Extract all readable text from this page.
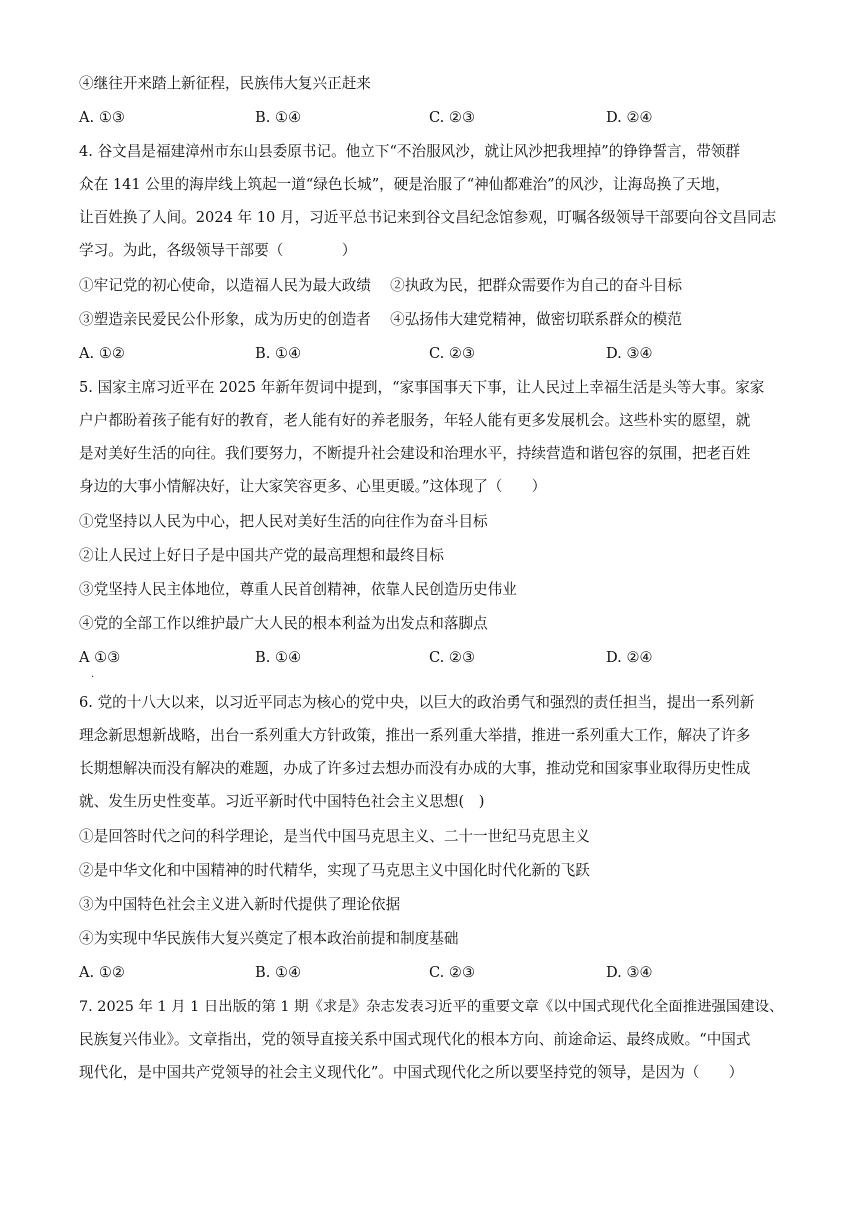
④继往开来踏上新征程，民族伟大复兴正赶来
A. ①③	B. ①④	C. ②③	D. ②④
4. 谷文昌是福建漳州市东山县委原书记。他立下“不治服风沙，就让风沙把我埋掉”的铮铮誓言，带领群
众在 141 公里的海岸线上筑起一道“绿色长城”，硬是治服了“神仙都难治”的风沙，让海岛换了天地，
让百姓换了人间。2024 年 10 月，习近平总书记来到谷文昌纪念馆参观，叮嘱各级领导干部要向谷文昌同志
学习。为此，各级领导干部要（　　　　）
①牢记党的初心使命，以造福人民为最大政绩　 ②执政为民，把群众需要作为自己的奋斗目标
③塑造亲民爱民公仆形象，成为历史的创造者　 ④弘扬伟大建党精神，做密切联系群众的模范
A. ①②	B. ①④	C. ②③	D. ③④
5. 国家主席习近平在 2025 年新年贺词中提到，“家事国事天下事，让人民过上幸福生活是头等大事。家家
户户都盼着孩子能有好的教育，老人能有好的养老服务，年轻人能有更多发展机会。这些朴实的愿望，就
是对美好生活的向往。我们要努力，不断提升社会建设和治理水平，持续营造和谐包容的氛围，把老百姓
身边的大事小情解决好，让大家笑容更多、心里更暖。”这体现了（　　）
①党坚持以人民为中心，把人民对美好生活的向往作为奋斗目标
②让人民过上好日子是中国共产党的最高理想和最终目标
③党坚持人民主体地位，尊重人民首创精神，依靠人民创造历史伟业
④党的全部工作以维护最广大人民的根本利益为出发点和落脚点
A ①③	B. ①④	C. ②③	D. ②④
.
6. 党的十八大以来，以习近平同志为核心的党中央，以巨大的政治勇气和强烈的责任担当，提出一系列新
理念新思想新战略，出台一系列重大方针政策，推出一系列重大举措，推进一系列重大工作，解决了许多
长期想解决而没有解决的难题，办成了许多过去想办而没有办成的大事，推动党和国家事业取得历史性成
就、发生历史性变革。习近平新时代中国特色社会主义思想(　)
①是回答时代之问的科学理论，是当代中国马克思主义、二十一世纪马克思主义
②是中华文化和中国精神的时代精华，实现了马克思主义中国化时代化新的飞跃
③为中国特色社会主义进入新时代提供了理论依据
④为实现中华民族伟大复兴奠定了根本政治前提和制度基础
A. ①②	B. ①④	C. ②③	D. ③④
7. 2025 年 1 月 1 日出版的第 1 期《求是》杂志发表习近平的重要文章《以中国式现代化全面推进强国建设、
民族复兴伟业》。文章指出，党的领导直接关系中国式现代化的根本方向、前途命运、最终成败。“中国式
现代化，是中国共产党领导的社会主义现代化”。中国式现代化之所以要坚持党的领导，是因为（　　）
